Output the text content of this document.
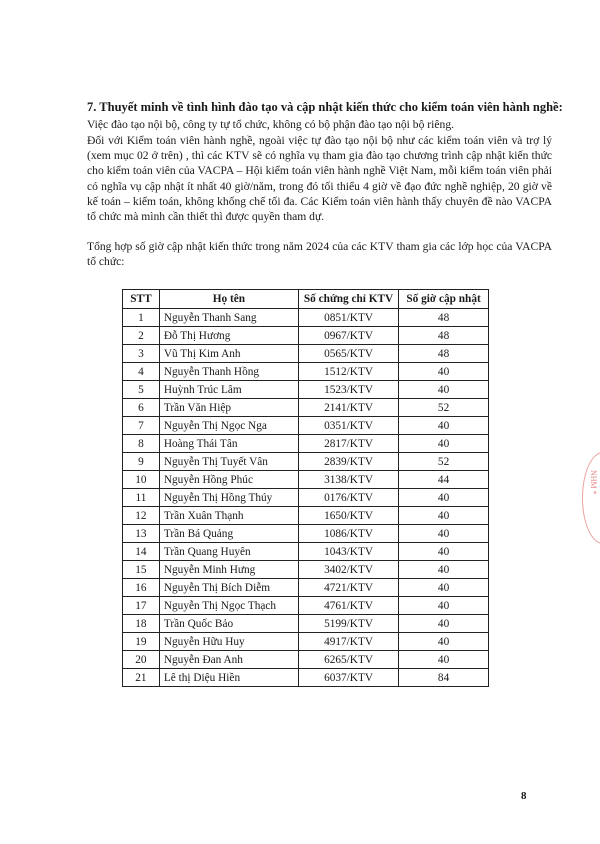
7. Thuyết minh về tình hình đào tạo và cập nhật kiến thức cho kiểm toán viên hành nghề:
Việc đào tạo nội bộ, công ty tự tổ chức, không có bộ phận đào tạo nội bộ riêng.
Đối với Kiểm toán viên hành nghề, ngoài việc tự đào tạo nội bộ như các kiểm toán viên và trợ lý (xem mục 02 ở trên) , thì các KTV sẽ có nghĩa vụ tham gia đào tạo chương trình cập nhật kiến thức cho kiểm toán viên của VACPA – Hội kiểm toán viên hành nghề Việt Nam, mỗi kiểm toán viên phải có nghĩa vụ cập nhật ít nhất 40 giờ/năm, trong đó tối thiểu 4 giờ về đạo đức nghề nghiệp, 20 giờ về kế toán – kiểm toán, không khống chế tối đa. Các Kiểm toán viên hành thấy chuyên đề nào VACPA tổ chức mà mình cần thiết thì được quyền tham dự.
Tổng hợp số giờ cập nhật kiến thức trong năm 2024 của các KTV tham gia các lớp học của VACPA tổ chức:
STT	Họ tên	Số chứng chỉ KTV	Số giờ cập nhật
1	Nguyễn Thanh Sang	0851/KTV	48
2	Đỗ Thị Hương	0967/KTV	48
3	Vũ Thị Kim Anh	0565/KTV	48
4	Nguyễn Thanh Hồng	1512/KTV	40
5	Huỳnh Trúc Lâm	1523/KTV	40
6	Trần Văn Hiệp	2141/KTV	52
7	Nguyễn Thị Ngọc Nga	0351/KTV	40
8	Hoàng Thái Tân	2817/KTV	40
9	Nguyễn Thị Tuyết Vân	2839/KTV	52
10	Nguyễn Hồng Phúc	3138/KTV	44
11	Nguyễn Thị Hồng Thúy	0176/KTV	40
12	Trần Xuân Thạnh	1650/KTV	40
13	Trần Bá Quảng	1086/KTV	40
14	Trần Quang Huyên	1043/KTV	40
15	Nguyễn Minh Hưng	3402/KTV	40
16	Nguyễn Thị Bích Diễm	4721/KTV	40
17	Nguyễn Thị Ngọc Thạch	4761/KTV	40
18	Trần Quốc Bảo	5199/KTV	40
19	Nguyễn Hữu Huy	4917/KTV	40
20	Nguyễn Đan Anh	6265/KTV	40
21	Lê thị Diệu Hiền	6037/KTV	84
NHM *
8
